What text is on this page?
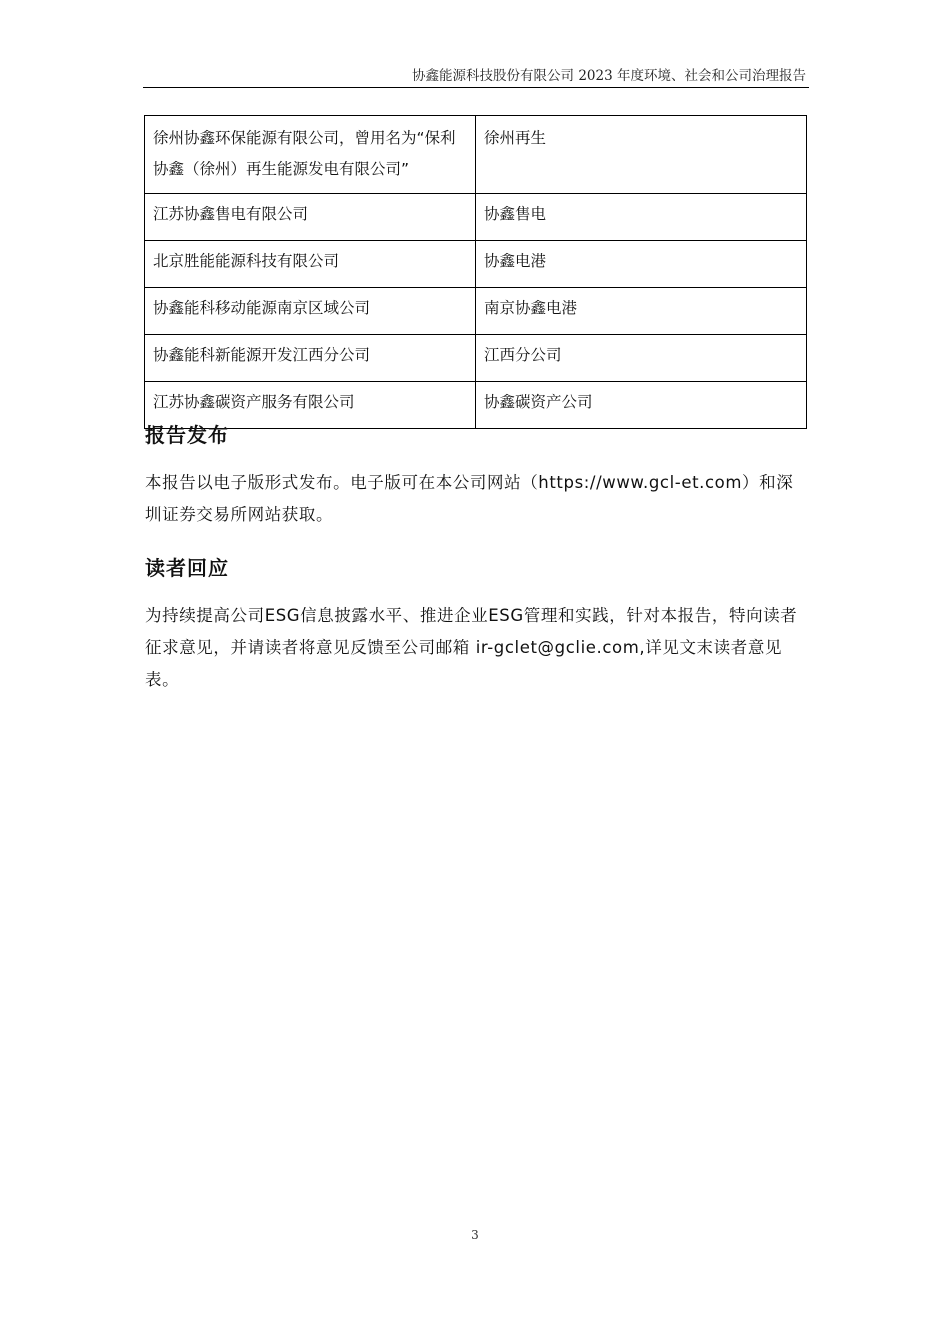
协鑫能源科技股份有限公司 2023 年度环境、社会和公司治理报告
徐州协鑫环保能源有限公司，曾用名为“保利协鑫（徐州）再生能源发电有限公司”	徐州再生
江苏协鑫售电有限公司	协鑫售电
北京胜能能源科技有限公司	协鑫电港
协鑫能科移动能源南京区域公司	南京协鑫电港
协鑫能科新能源开发江西分公司	江西分公司
江苏协鑫碳资产服务有限公司	协鑫碳资产公司
报告发布
本报告以电子版形式发布。电子版可在本公司网站（https://www.gcl-et.com）和深圳证券交易所网站获取。
读者回应
为持续提高公司ESG信息披露水平、推进企业ESG管理和实践，针对本报告，特向读者征求意见，并请读者将意见反馈至公司邮箱 ir-gclet@gclie.com,详见文末读者意见表。
3
